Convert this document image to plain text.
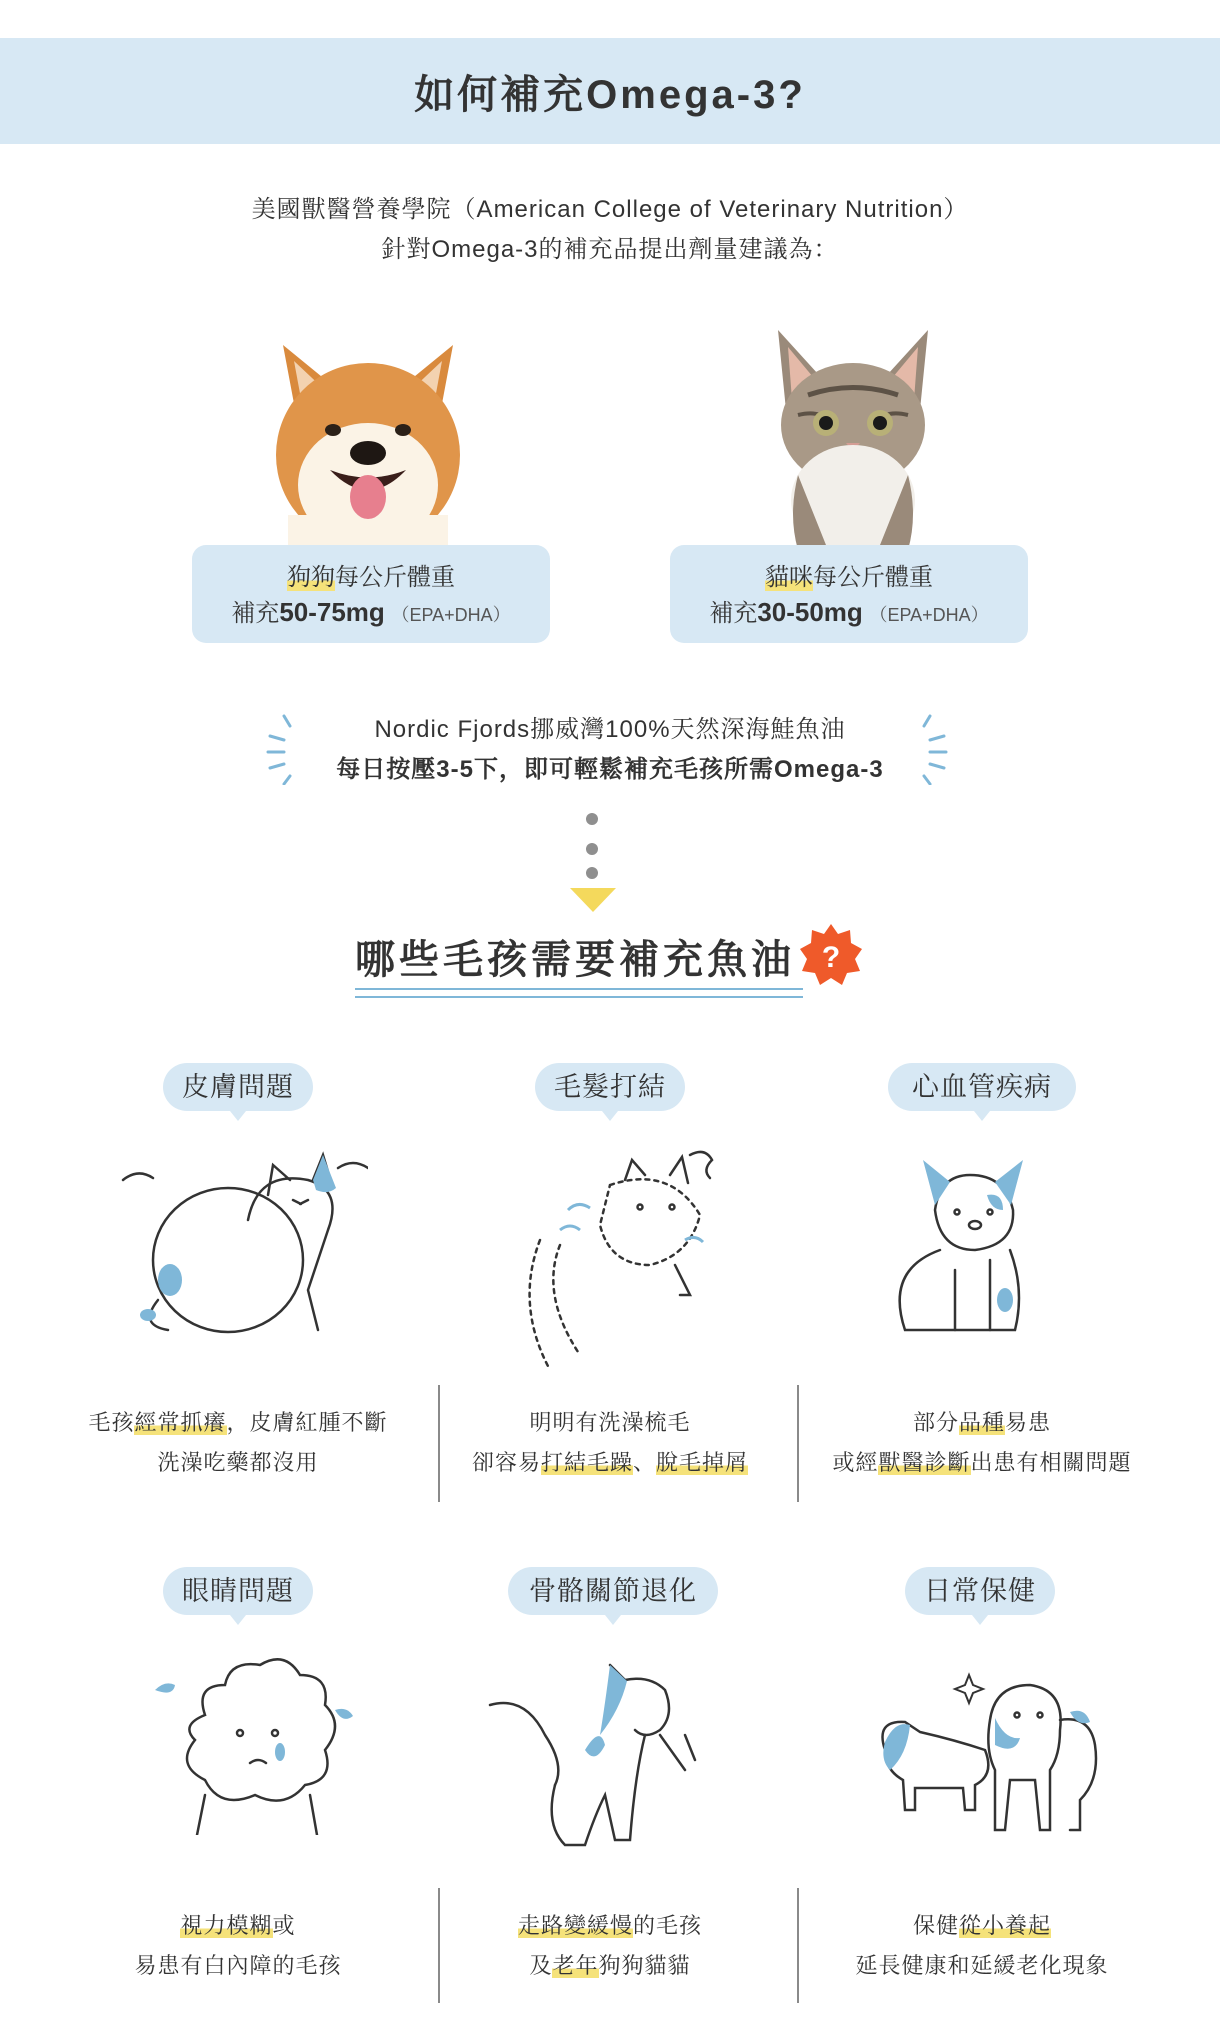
如何補充Omega-3?
美國獸醫營養學院（American College of Veterinary Nutrition）
針對Omega-3的補充品提出劑量建議為：
狗狗每公斤體重
補充50-75mg （EPA+DHA）
貓咪每公斤體重
補充30-50mg （EPA+DHA）
Nordic Fjords挪威灣100%天然深海鮭魚油
每日按壓3-5下，即可輕鬆補充毛孩所需Omega-3
哪些毛孩需要補充魚油 ?
皮膚問題	毛髮打結	心血管疾病
毛孩經常抓癢，皮膚紅腫不斷
洗澡吃藥都沒用
明明有洗澡梳毛
卻容易打結毛躁、脫毛掉屑
部分品種易患
或經獸醫診斷出患有相關問題
眼睛問題	骨骼關節退化	日常保健
視力模糊或
易患有白內障的毛孩
走路變緩慢的毛孩
及老年狗狗貓貓
保健從小養起
延長健康和延緩老化現象
